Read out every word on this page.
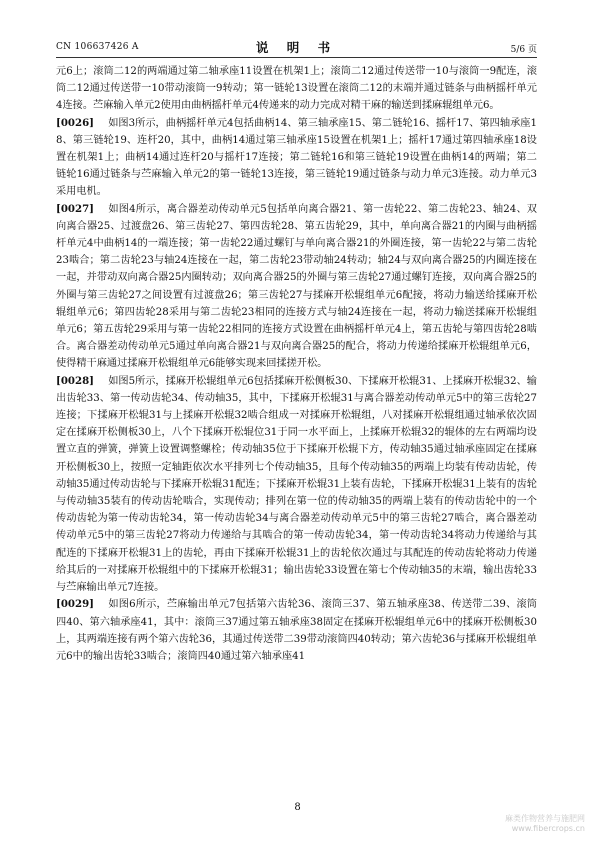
CN 106637426 A	说 明 书	5/6 页

元6上；滚筒二12的两端通过第二轴承座11设置在机架1上；滚筒二12通过传送带一10与滚筒一9配连，滚筒二12通过传送带一10带动滚筒一9转动；第一链轮13设置在滚筒二12的末端并通过链条与曲柄摇杆单元4连接。苎麻输入单元2使用由曲柄摇杆单元4传递来的动力完成对精干麻的输送到揉麻辊组单元6。

[0026]  如图3所示，曲柄摇杆单元4包括曲柄14、第三轴承座15、第二链轮16、摇杆17、第四轴承座18、第三链轮19、连杆20，其中，曲柄14通过第三轴承座15设置在机架1上；摇杆17通过第四轴承座18设置在机架1上；曲柄14通过连杆20与摇杆17连接；第二链轮16和第三链轮19设置在曲柄14的两端；第二链轮16通过链条与苎麻输入单元2的第一链轮13连接，第三链轮19通过链条与动力单元3连接。动力单元3采用电机。

[0027]  如图4所示，离合器差动传动单元5包括单向离合器21、第一齿轮22、第二齿轮23、轴24、双向离合器25、过渡盘26、第三齿轮27、第四齿轮28、第五齿轮29，其中，单向离合器21的内圈与曲柄摇杆单元4中曲柄14的一端连接；第一齿轮22通过螺钉与单向离合器21的外圈连接，第一齿轮22与第二齿轮23啮合；第二齿轮23与轴24连接在一起，第二齿轮23带动轴24转动；轴24与双向离合器25的内圈连接在一起，并带动双向离合器25内圈转动；双向离合器25的外圈与第三齿轮27通过螺钉连接，双向离合器25的外圈与第三齿轮27之间设置有过渡盘26；第三齿轮27与揉麻开松辊组单元6配接，将动力输送给揉麻开松辊组单元6；第四齿轮28采用与第二齿轮23相同的连接方式与轴24连接在一起，将动力输送揉麻开松辊组单元6；第五齿轮29采用与第一齿轮22相同的连接方式设置在曲柄摇杆单元4上，第五齿轮与第四齿轮28啮合。离合器差动传动单元5通过单向离合器21与双向离合器25的配合，将动力传递给揉麻开松辊组单元6，使得精干麻通过揉麻开松辊组单元6能够实现来回揉搓开松。

[0028]  如图5所示，揉麻开松辊组单元6包括揉麻开松侧板30、下揉麻开松辊31、上揉麻开松辊32、输出齿轮33、第一传动齿轮34、传动轴35，其中，下揉麻开松辊31与离合器差动传动单元5中的第三齿轮27连接；下揉麻开松辊31与上揉麻开松辊32啮合组成一对揉麻开松辊组，八对揉麻开松辊组通过轴承依次固定在揉麻开松侧板30上，八个下揉麻开松辊位31于同一水平面上，上揉麻开松辊32的辊体的左右两端均设置立直的弹簧，弹簧上设置调整螺栓；传动轴35位于下揉麻开松辊下方，传动轴35通过轴承座固定在揉麻开松侧板30上，按照一定轴距依次水平排列七个传动轴35，且每个传动轴35的两端上均装有传动齿轮，传动轴35通过传动齿轮与下揉麻开松辊31配连；下揉麻开松辊31上装有齿轮，下揉麻开松辊31上装有的齿轮与传动轴35装有的传动齿轮啮合，实现传动；排列在第一位的传动轴35的两端上装有的传动齿轮中的一个传动齿轮为第一传动齿轮34，第一传动齿轮34与离合器差动传动单元5中的第三齿轮27啮合，离合器差动传动单元5中的第三齿轮27将动力传递给与其啮合的第一传动齿轮34，第一传动齿轮34将动力传递给与其配连的下揉麻开松辊31上的齿轮，再由下揉麻开松辊31上的齿轮依次通过与其配连的传动齿轮将动力传递给其后的一对揉麻开松辊组中的下揉麻开松辊31；输出齿轮33设置在第七个传动轴35的末端，输出齿轮33与苎麻输出单元7连接。

[0029]  如图6所示，苎麻输出单元7包括第六齿轮36、滚筒三37、第五轴承座38、传送带二39、滚筒四40、第六轴承座41，其中：滚筒三37通过第五轴承座38固定在揉麻开松辊组单元6中的揉麻开松侧板30上，其两端连接有两个第六齿轮36，其通过传送带二39带动滚筒四40转动；第六齿轮36与揉麻开松辊组单元6中的输出齿轮33啮合；滚筒四40通过第六轴承座41

8
麻类作物营养与施肥网
www.fibercrops.cn
